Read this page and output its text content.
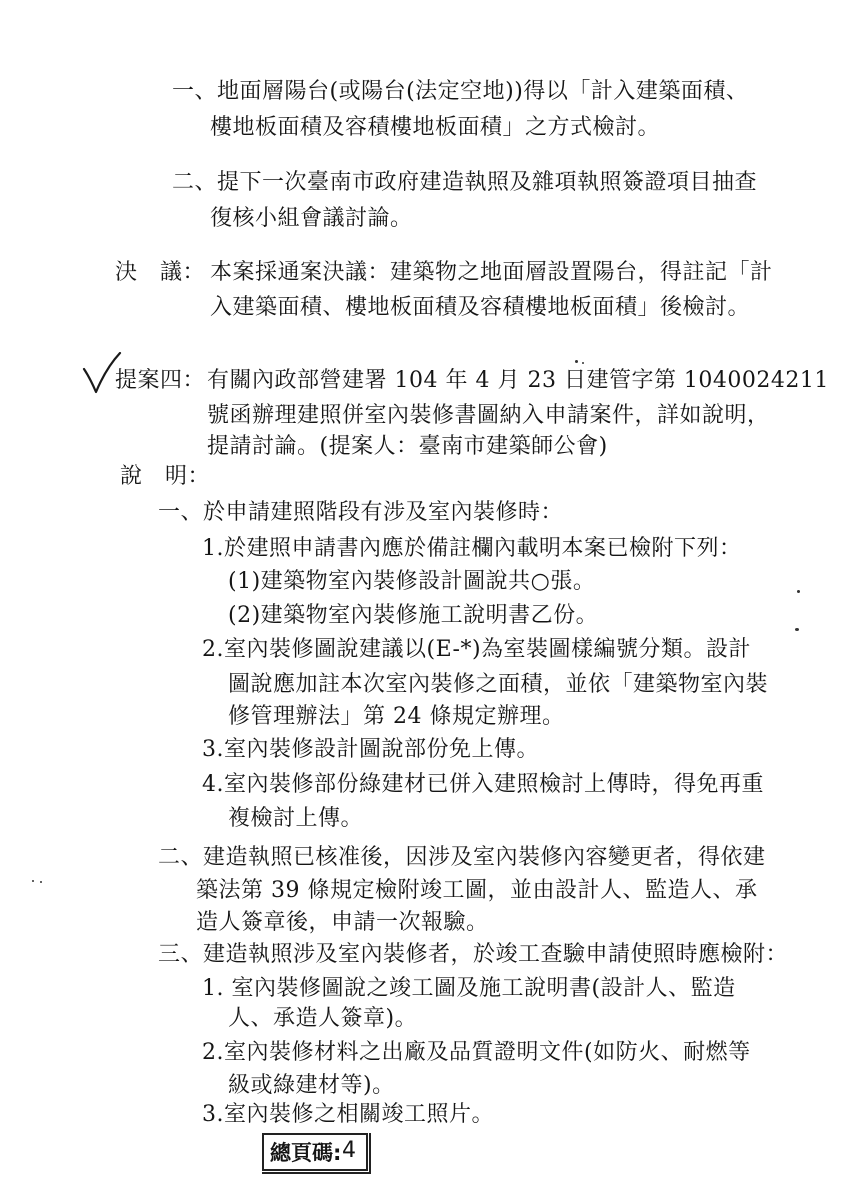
一、地面層陽台(或陽台(法定空地))得以「計入建築面積、
樓地板面積及容積樓地板面積」之方式檢討。
二、提下一次臺南市政府建造執照及雜項執照簽證項目抽查
復核小組會議討論。
決　議： 本案採通案決議：建築物之地面層設置陽台，得註記「計
入建築面積、樓地板面積及容積樓地板面積」後檢討。
提案四： 有關內政部營建署 104 年 4 月 23 日建管字第 1040024211
號函辦理建照併室內裝修書圖納入申請案件，詳如說明，
提請討論。(提案人：臺南市建築師公會)
說　明：
一、於申請建照階段有涉及室內裝修時：
1.於建照申請書內應於備註欄內載明本案已檢附下列：
(1)建築物室內裝修設計圖說共○張。
(2)建築物室內裝修施工說明書乙份。
2.室內裝修圖說建議以(E-*)為室裝圖樣編號分類。設計
圖說應加註本次室內裝修之面積，並依「建築物室內裝
修管理辦法」第 24 條規定辦理。
3.室內裝修設計圖說部份免上傳。
4.室內裝修部份綠建材已併入建照檢討上傳時，得免再重
複檢討上傳。
二、建造執照已核准後，因涉及室內裝修內容變更者，得依建
築法第 39 條規定檢附竣工圖，並由設計人、監造人、承
造人簽章後，申請一次報驗。
三、建造執照涉及室內裝修者，於竣工查驗申請使照時應檢附：
1. 室內裝修圖說之竣工圖及施工說明書(設計人、監造
人、承造人簽章)。
2.室內裝修材料之出廠及品質證明文件(如防火、耐燃等
級或綠建材等)。
3.室內裝修之相關竣工照片。
總頁碼: 4
